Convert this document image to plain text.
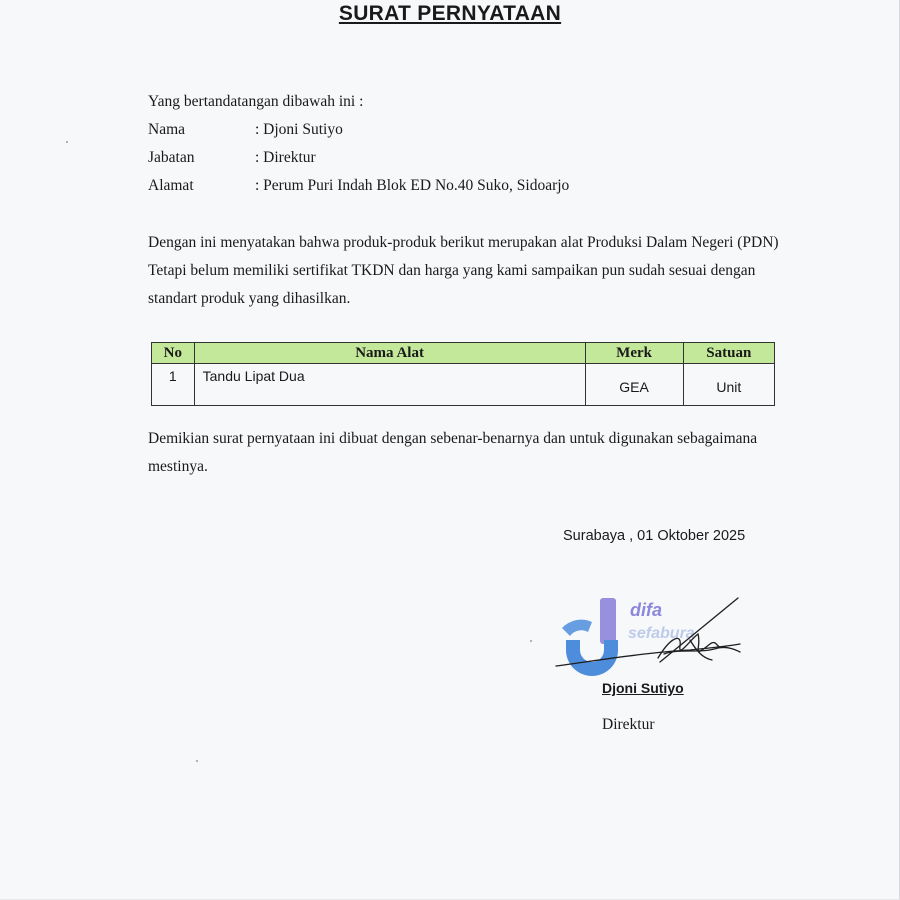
SURAT PERNYATAAN
Yang bertandatangan dibawah ini :
Nama	: Djoni Sutiyo
Jabatan	: Direktur
Alamat	: Perum Puri Indah Blok ED No.40 Suko, Sidoarjo
Dengan ini menyatakan bahwa produk-produk berikut merupakan alat Produksi Dalam Negeri (PDN) Tetapi belum memiliki sertifikat TKDN dan harga yang kami sampaikan pun sudah sesuai dengan standart produk yang dihasilkan.
No	Nama Alat	Merk	Satuan
1	Tandu Lipat Dua	GEA	Unit
Demikian surat pernyataan ini dibuat dengan sebenar-benarnya dan untuk digunakan sebagaimana mestinya.
Surabaya , 01 Oktober 2025
difa
sefabura
Djoni Sutiyo
Direktur
